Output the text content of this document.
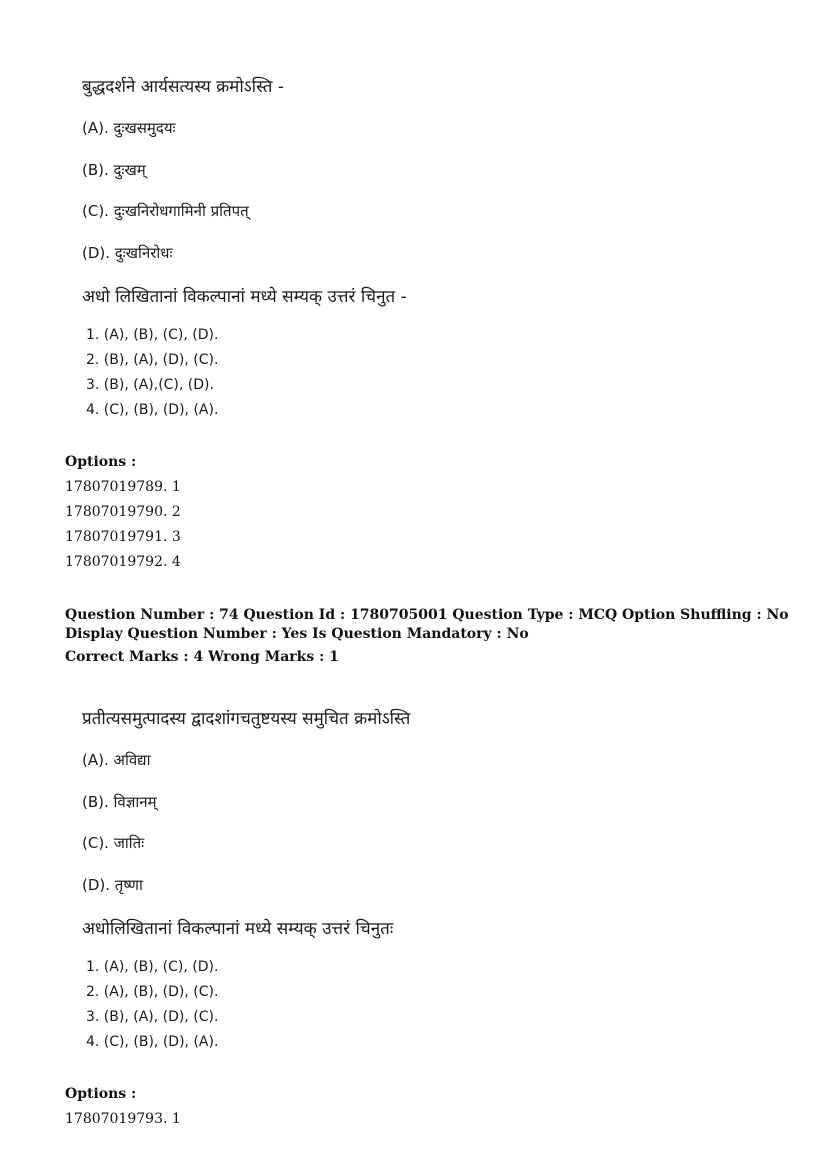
बुद्धदर्शने आर्यसत्यस्य क्रमोऽस्ति -
(A). दुःखसमुदयः
(B). दुःखम्
(C). दुःखनिरोधगामिनी प्रतिपत्
(D). दुःखनिरोधः
अधो लिखितानां विकल्पानां मध्ये सम्यक् उत्तरं चिनुत -
1. (A), (B), (C), (D).
2. (B), (A), (D), (C).
3. (B), (A),(C), (D).
4. (C), (B), (D), (A).
Options :
17807019789. 1
17807019790. 2
17807019791. 3
17807019792. 4
Question Number : 74 Question Id : 1780705001 Question Type : MCQ Option Shuffling : No
Display Question Number : Yes Is Question Mandatory : No
Correct Marks : 4 Wrong Marks : 1
प्रतीत्यसमुत्पादस्य द्वादशांगचतुष्टयस्य समुचित क्रमोऽस्ति
(A). अविद्या
(B). विज्ञानम्
(C). जातिः
(D). तृष्णा
अधोलिखितानां विकल्पानां मध्ये सम्यक् उत्तरं चिनुतः
1. (A), (B), (C), (D).
2. (A), (B), (D), (C).
3. (B), (A), (D), (C).
4. (C), (B), (D), (A).
Options :
17807019793. 1
